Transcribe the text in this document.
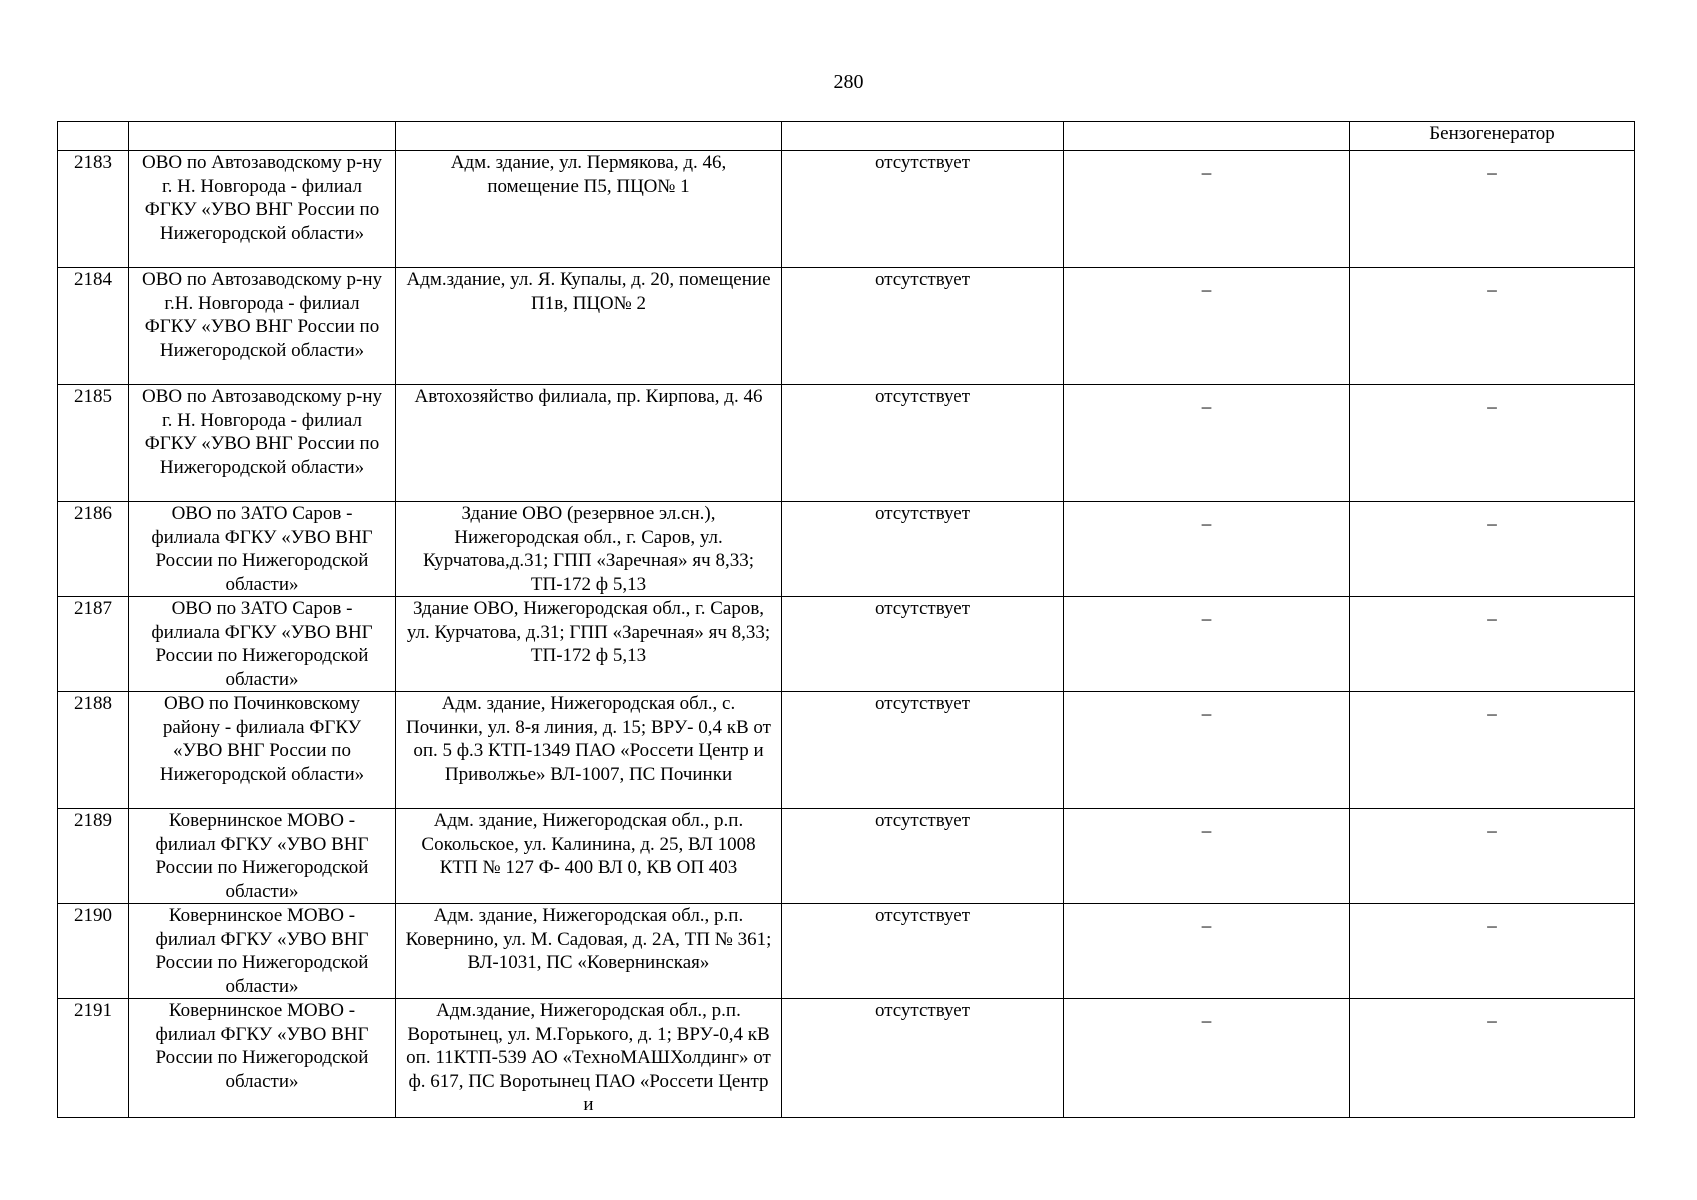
280
					Бензогенератор
2183	ОВО по Автозаводскому р-ну г. Н. Новгорода - филиал ФГКУ «УВО ВНГ России по Нижегородской области»	Адм. здание, ул. Пермякова, д. 46, помещение П5, ПЦО№ 1	отсутствует	_	_

2184	ОВО по Автозаводскому р-ну г.Н. Новгорода - филиал ФГКУ «УВО ВНГ России по Нижегородской области»	Адм.здание, ул. Я. Купалы, д. 20, помещение П1в, ПЦО№ 2	отсутствует	_	_

2185	ОВО по Автозаводскому р-ну г. Н. Новгорода - филиал ФГКУ «УВО ВНГ России по Нижегородской области»	Автохозяйство филиала, пр. Кирпова, д. 46	отсутствует	_	_

2186	ОВО по ЗАТО Саров - филиала ФГКУ «УВО ВНГ России по Нижегородской области»	Здание ОВО (резервное эл.сн.), Нижегородская обл., г. Саров, ул. Курчатова,д.31; ГПП «Заречная» яч 8,33; ТП-172 ф 5,13	отсутствует	_	_

2187	ОВО по ЗАТО Саров - филиала ФГКУ «УВО ВНГ России по Нижегородской области»	Здание ОВО, Нижегородская обл., г. Саров, ул. Курчатова, д.31; ГПП «Заречная» яч 8,33; ТП-172 ф 5,13	отсутствует	_	_

2188	ОВО по Починковскому району - филиала ФГКУ «УВО ВНГ России по Нижегородской области»	Адм. здание, Нижегородская обл., с. Починки, ул. 8-я линия, д. 15; ВРУ- 0,4 кВ от оп. 5 ф.3 КТП-1349 ПАО «Россети Центр и Приволжье» ВЛ-1007, ПС Починки	отсутствует	_	_

2189	Ковернинское МОВО - филиал ФГКУ «УВО ВНГ России по Нижегородской области»	Адм. здание, Нижегородская обл., р.п. Сокольское, ул. Калинина, д. 25, ВЛ 1008 КТП № 127 Ф- 400 ВЛ 0, КВ ОП 403	отсутствует	_	_

2190	Ковернинское МОВО - филиал ФГКУ «УВО ВНГ России по Нижегородской области»	Адм. здание, Нижегородская обл., р.п. Ковернино, ул. М. Садовая, д. 2А, ТП № 361; ВЛ-1031, ПС «Ковернинская»	отсутствует	_	_

2191	Ковернинское МОВО - филиал ФГКУ «УВО ВНГ России по Нижегородской области»	Адм.здание, Нижегородская обл., р.п. Воротынец, ул. М.Горького, д. 1; ВРУ-0,4 кВ оп. 11КТП-539 АО «ТехноМАШХолдинг» от ф. 617, ПС Воротынец ПАО «Россети Центр и	отсутствует	_	_
